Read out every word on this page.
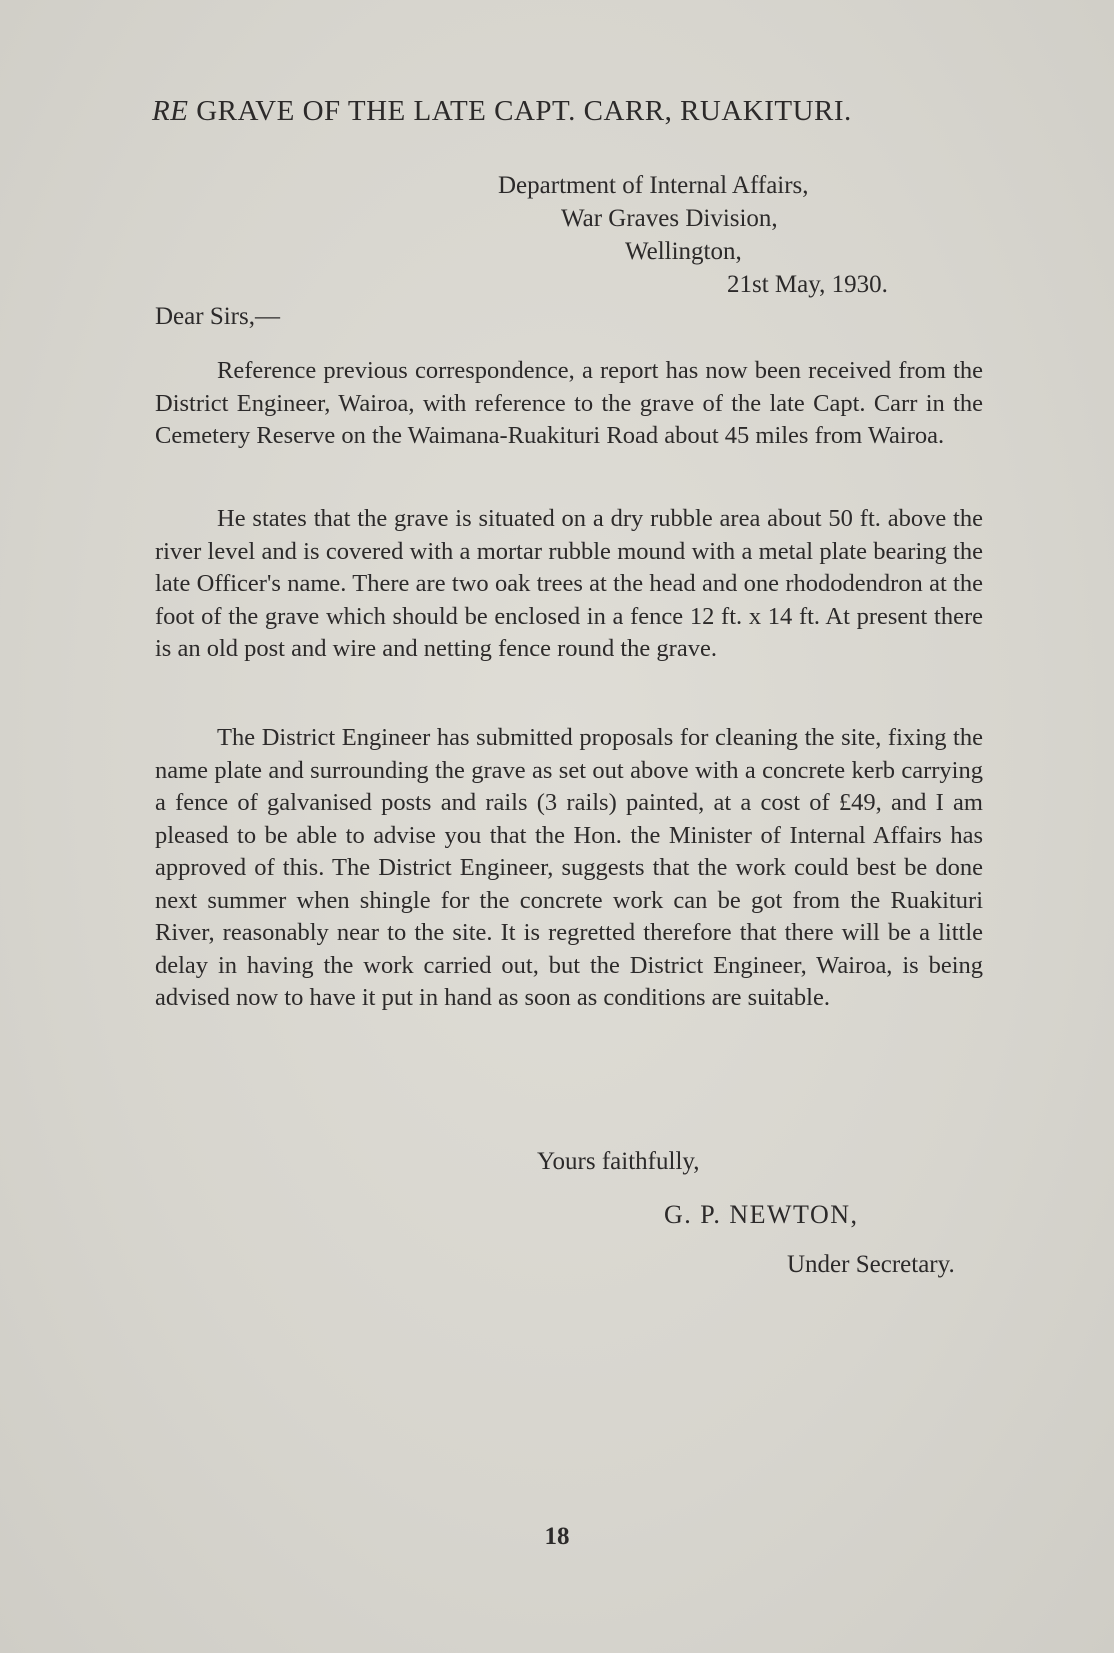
RE GRAVE OF THE LATE CAPT. CARR, RUAKITURI.
Department of Internal Affairs,
War Graves Division,
Wellington,
21st May, 1930.
Dear Sirs,—

Reference previous correspondence, a report has now been received from the District Engineer, Wairoa, with reference to the grave of the late Capt. Carr in the Cemetery Reserve on the Waimana-Ruakituri Road about 45 miles from Wairoa.

He states that the grave is situated on a dry rubble area about 50 ft. above the river level and is covered with a mortar rubble mound with a metal plate bearing the late Officer's name. There are two oak trees at the head and one rhododendron at the foot of the grave which should be enclosed in a fence 12 ft. x 14 ft. At present there is an old post and wire and netting fence round the grave.

The District Engineer has submitted proposals for cleaning the site, fixing the name plate and surrounding the grave as set out above with a concrete kerb carrying a fence of galvanised posts and rails (3 rails) painted, at a cost of £49, and I am pleased to be able to advise you that the Hon. the Minister of Internal Affairs has approved of this. The District Engineer, suggests that the work could best be done next summer when shingle for the concrete work can be got from the Ruakituri River, reasonably near to the site. It is regretted therefore that there will be a little delay in having the work carried out, but the District Engineer, Wairoa, is being advised now to have it put in hand as soon as conditions are suitable.

Yours faithfully,
G. P. NEWTON,
Under Secretary.
18
